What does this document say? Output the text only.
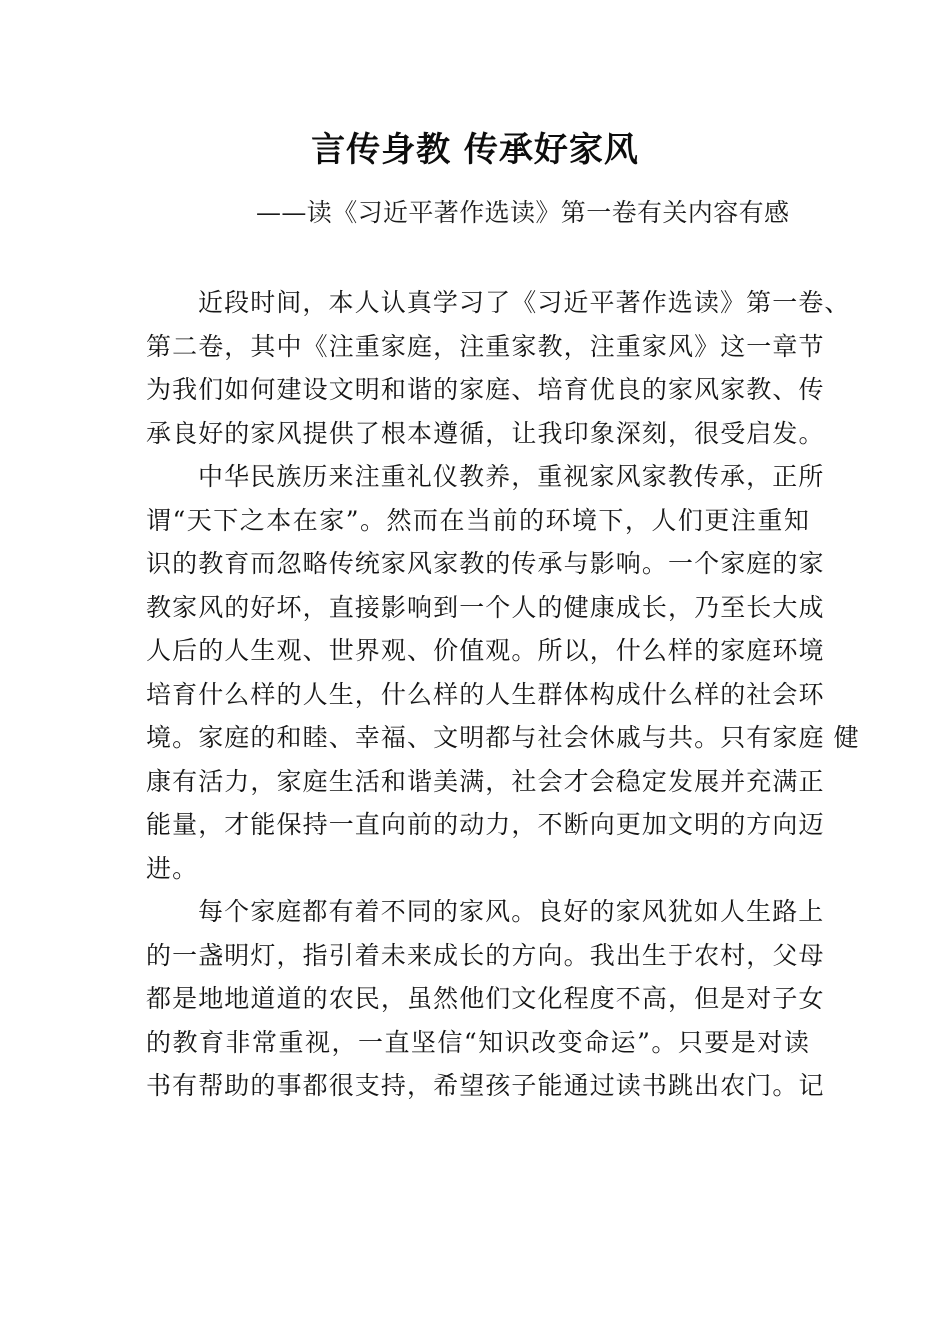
言传身教 传承好家风
——读《习近平著作选读》第一卷有关内容有感
近段时间，本人认真学习了《习近平著作选读》第一卷、
第二卷，其中《注重家庭，注重家教，注重家风》这一章节
为我们如何建设文明和谐的家庭、培育优良的家风家教、传
承良好的家风提供了根本遵循，让我印象深刻，很受启发。
中华民族历来注重礼仪教养，重视家风家教传承，正所
谓“天下之本在家”。然而在当前的环境下，人们更注重知
识的教育而忽略传统家风家教的传承与影响。一个家庭的家
教家风的好坏，直接影响到一个人的健康成长，乃至长大成
人后的人生观、世界观、价值观。所以，什么样的家庭环境
培育什么样的人生，什么样的人生群体构成什么样的社会环
境。家庭的和睦、幸福、文明都与社会休戚与共。只有家庭 健
康有活力，家庭生活和谐美满，社会才会稳定发展并充满正
能量，才能保持一直向前的动力，不断向更加文明的方向迈
进。
每个家庭都有着不同的家风。良好的家风犹如人生路上
的一盏明灯，指引着未来成长的方向。我出生于农村，父母
都是地地道道的农民，虽然他们文化程度不高，但是对子女
的教育非常重视，一直坚信“知识改变命运”。只要是对读
书有帮助的事都很支持，希望孩子能通过读书跳出农门。记
